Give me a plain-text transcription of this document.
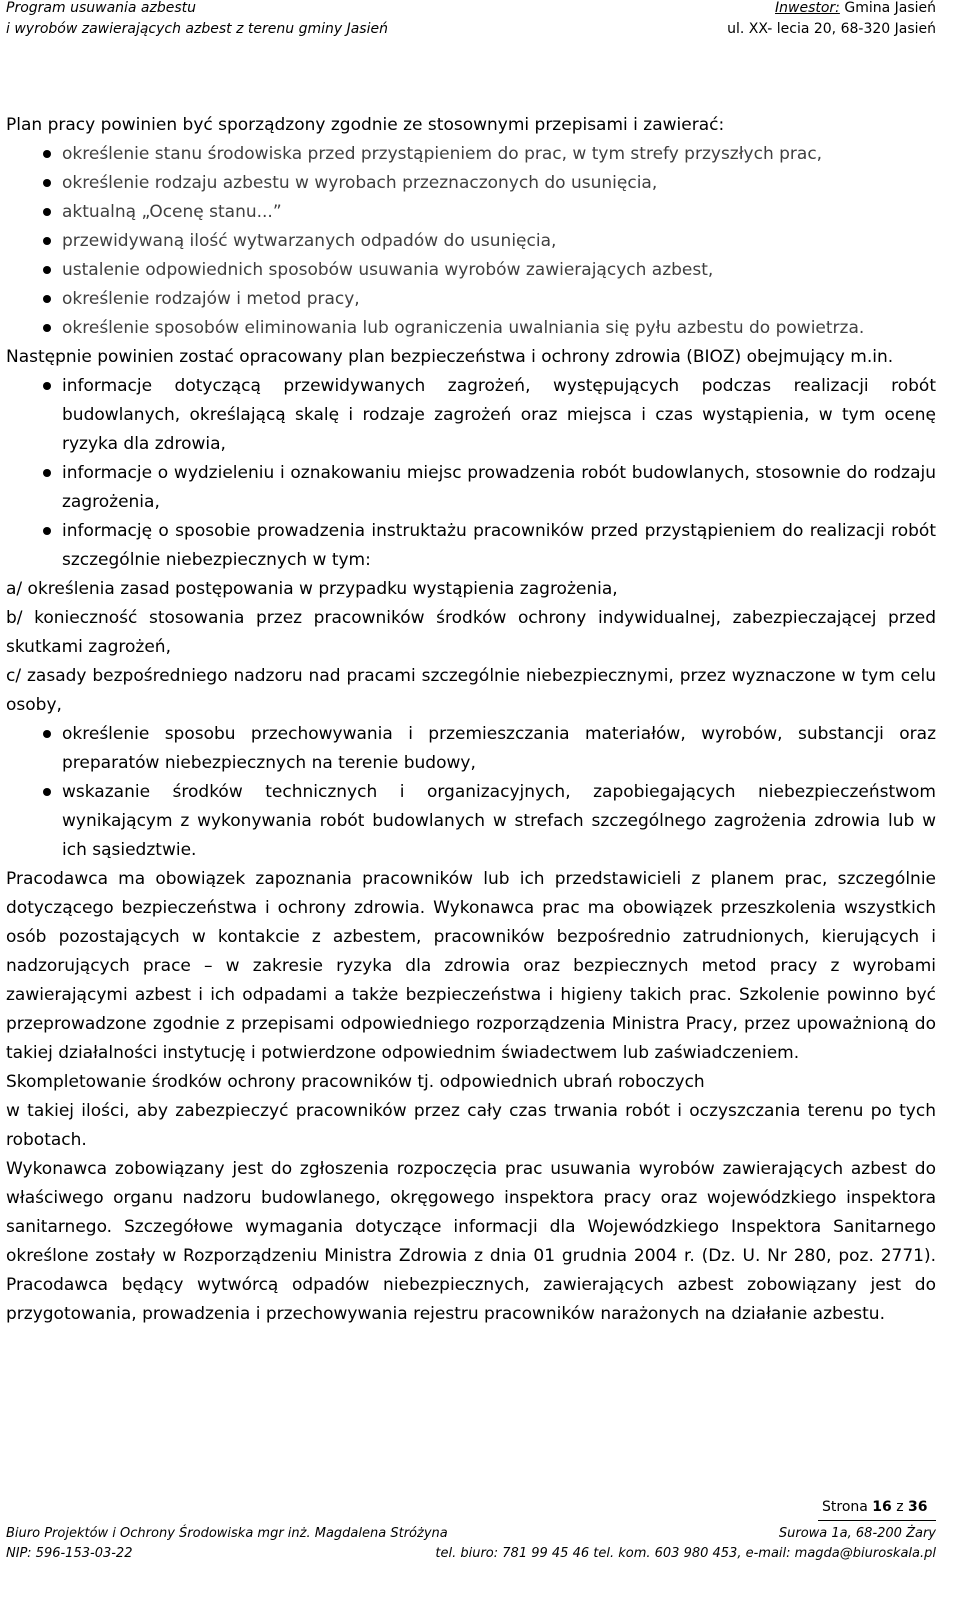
Program usuwania azbestu
i wyrobów zawierających azbest z terenu gminy Jasień
Inwestor: Gmina Jasień
ul. XX- lecia 20, 68-320 Jasień

Plan pracy powinien być sporządzony zgodnie ze stosownymi przepisami i zawierać:

określenie stanu środowiska przed przystąpieniem do prac, w tym strefy przyszłych prac,
określenie rodzaju azbestu w wyrobach przeznaczonych do usunięcia,
aktualną „Ocenę stanu...”
przewidywaną ilość wytwarzanych odpadów do usunięcia,
ustalenie odpowiednich sposobów usuwania wyrobów zawierających azbest,
określenie rodzajów i metod pracy,
określenie sposobów eliminowania lub ograniczenia uwalniania się pyłu azbestu do powietrza.

Następnie powinien zostać opracowany plan bezpieczeństwa i ochrony zdrowia (BIOZ) obejmujący m.in.

informacje dotyczącą przewidywanych zagrożeń, występujących podczas realizacji robót budowlanych, określającą skalę i rodzaje zagrożeń oraz miejsca i czas wystąpienia, w tym ocenę ryzyka dla zdrowia,
informacje o wydzieleniu i oznakowaniu miejsc prowadzenia robót budowlanych, stosownie do rodzaju zagrożenia,
informację o sposobie prowadzenia instruktażu pracowników przed przystąpieniem do realizacji robót szczególnie niebezpiecznych w tym:

a/ określenia zasad postępowania w przypadku wystąpienia zagrożenia,

b/ konieczność stosowania przez pracowników środków ochrony indywidualnej, zabezpieczającej przed skutkami zagrożeń,

c/ zasady bezpośredniego nadzoru nad pracami szczególnie niebezpiecznymi, przez wyznaczone w tym celu osoby,

określenie sposobu przechowywania i przemieszczania materiałów, wyrobów, substancji oraz preparatów niebezpiecznych na terenie budowy,
wskazanie środków technicznych i organizacyjnych, zapobiegających niebezpieczeństwom wynikającym z wykonywania robót budowlanych w strefach szczególnego zagrożenia zdrowia lub w ich sąsiedztwie.

Pracodawca ma obowiązek zapoznania pracowników lub ich przedstawicieli z planem prac, szczególnie dotyczącego bezpieczeństwa i ochrony zdrowia. Wykonawca prac ma obowiązek przeszkolenia wszystkich osób pozostających w kontakcie z azbestem, pracowników bezpośrednio zatrudnionych, kierujących i nadzorujących prace – w zakresie ryzyka dla zdrowia oraz bezpiecznych metod pracy z wyrobami zawierającymi azbest i ich odpadami a także bezpieczeństwa i higieny takich prac. Szkolenie powinno być przeprowadzone zgodnie z przepisami odpowiedniego rozporządzenia Ministra Pracy, przez upoważnioną do takiej działalności instytucję i potwierdzone odpowiednim świadectwem lub zaświadczeniem.

Skompletowanie środków ochrony pracowników tj. odpowiednich ubrań roboczych

w takiej ilości, aby zabezpieczyć pracowników przez cały czas trwania robót i oczyszczania terenu po tych robotach.

Wykonawca zobowiązany jest do zgłoszenia rozpoczęcia prac usuwania wyrobów zawierających azbest do właściwego organu nadzoru budowlanego, okręgowego inspektora pracy oraz wojewódzkiego inspektora sanitarnego. Szczegółowe wymagania dotyczące informacji dla Wojewódzkiego Inspektora Sanitarnego określone zostały w Rozporządzeniu Ministra Zdrowia z dnia 01 grudnia 2004 r. (Dz. U. Nr 280, poz. 2771). Pracodawca będący wytwórcą odpadów niebezpiecznych, zawierających azbest zobowiązany jest do przygotowania, prowadzenia i przechowywania rejestru pracowników narażonych na działanie azbestu.

Strona 16 z 36
Biuro Projektów i Ochrony Środowiska mgr inż. Magdalena Stróżyna	Surowa 1a, 68-200 Żary
NIP: 596-153-03-22	tel. biuro: 781 99 45 46 tel. kom. 603 980 453, e-mail: magda@biuroskala.pl
